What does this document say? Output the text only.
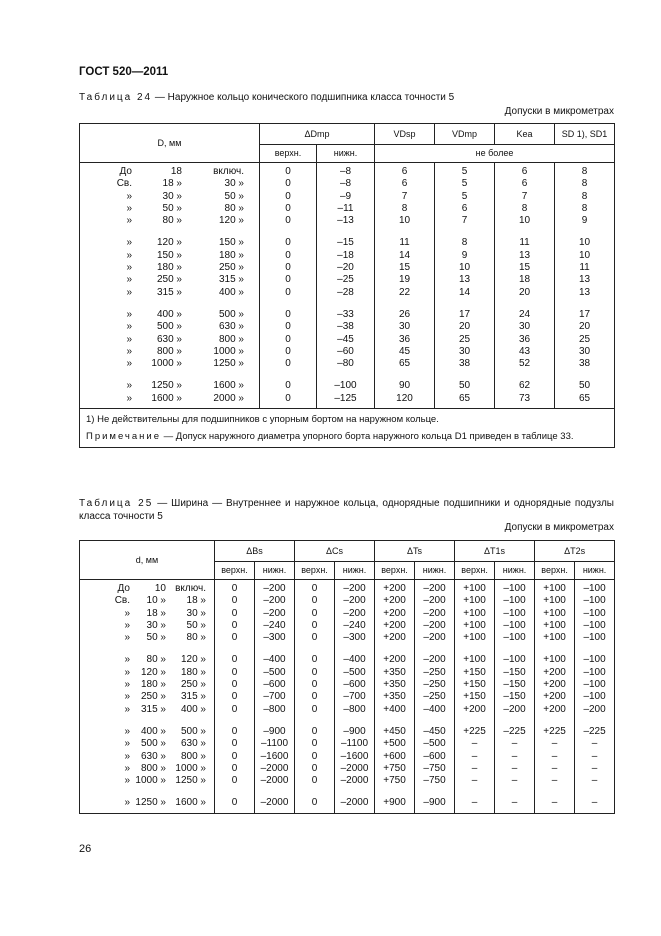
ГОСТ 520—2011
Таблица 24 — Наружное кольцо конического подшипника класса точности 5
Допуски в микрометрах
D, мм	ΔDmp		VDsp	VDmp	Kea	SD 1), SD1
	верхн.	нижн.	не более			
До 18 включ.	0	–8	6	5	6	8
Св. 18 » 30 »	0	–8	6	5	6	8
» 30 » 50 »	0	–9	7	5	7	8
» 50 » 80 »	0	–11	8	6	8	8
» 80 » 120 »	0	–13	10	7	10	9

» 120 » 150 »	0	–15	11	8	11	10
» 150 » 180 »	0	–18	14	9	13	10
» 180 » 250 »	0	–20	15	10	15	11
» 250 » 315 »	0	–25	19	13	18	13
» 315 » 400 »	0	–28	22	14	20	13

» 400 » 500 »	0	–33	26	17	24	17
» 500 » 630 »	0	–38	30	20	30	20
» 630 » 800 »	0	–45	36	25	36	25
» 800 » 1000 »	0	–60	45	30	43	30
» 1000 » 1250 »	0	–80	65	38	52	38

» 1250 » 1600 »	0	–100	90	50	62	50
» 1600 » 2000 »	0	–125	120	65	73	65

1) Не действительны для подшипников с упорным бортом на наружном кольце.
Примечание — Допуск наружного диаметра упорного борта наружного кольца D1 приведен в таблице 33.						
Таблица 25 — Ширина — Внутреннее и наружное кольца, однорядные подшипники и однорядные подузлы класса точности 5
Допуски в микрометрах
d, мм	ΔBs		ΔCs		ΔTs		ΔT1s		ΔT2s	
	верхн.	нижн.	верхн.	нижн.	верхн.	нижн.	верхн.	нижн.	верхн.	нижн.
До 10 включ.	0	–200	0	–200	+200	–200	+100	–100	+100	–100
Св. 10 » 18 »	0	–200	0	–200	+200	–200	+100	–100	+100	–100
» 18 » 30 »	0	–200	0	–200	+200	–200	+100	–100	+100	–100
» 30 » 50 »	0	–240	0	–240	+200	–200	+100	–100	+100	–100
» 50 » 80 »	0	–300	0	–300	+200	–200	+100	–100	+100	–100

» 80 » 120 »	0	–400	0	–400	+200	–200	+100	–100	+100	–100
» 120 » 180 »	0	–500	0	–500	+350	–250	+150	–150	+200	–100
» 180 » 250 »	0	–600	0	–600	+350	–250	+150	–150	+200	–100
» 250 » 315 »	0	–700	0	–700	+350	–250	+150	–150	+200	–100
» 315 » 400 »	0	–800	0	–800	+400	–400	+200	–200	+200	–200

» 400 » 500 »	0	–900	0	–900	+450	–450	+225	–225	+225	–225
» 500 » 630 »	0	–1100	0	–1100	+500	–500	–	–	–	–
» 630 » 800 »	0	–1600	0	–1600	+600	–600	–	–	–	–
» 800 » 1000 »	0	–2000	0	–2000	+750	–750	–	–	–	–
» 1000 » 1250 »	0	–2000	0	–2000	+750	–750	–	–	–	–

» 1250 » 1600 »	0	–2000	0	–2000	+900	–900	–	–	–	–
26
